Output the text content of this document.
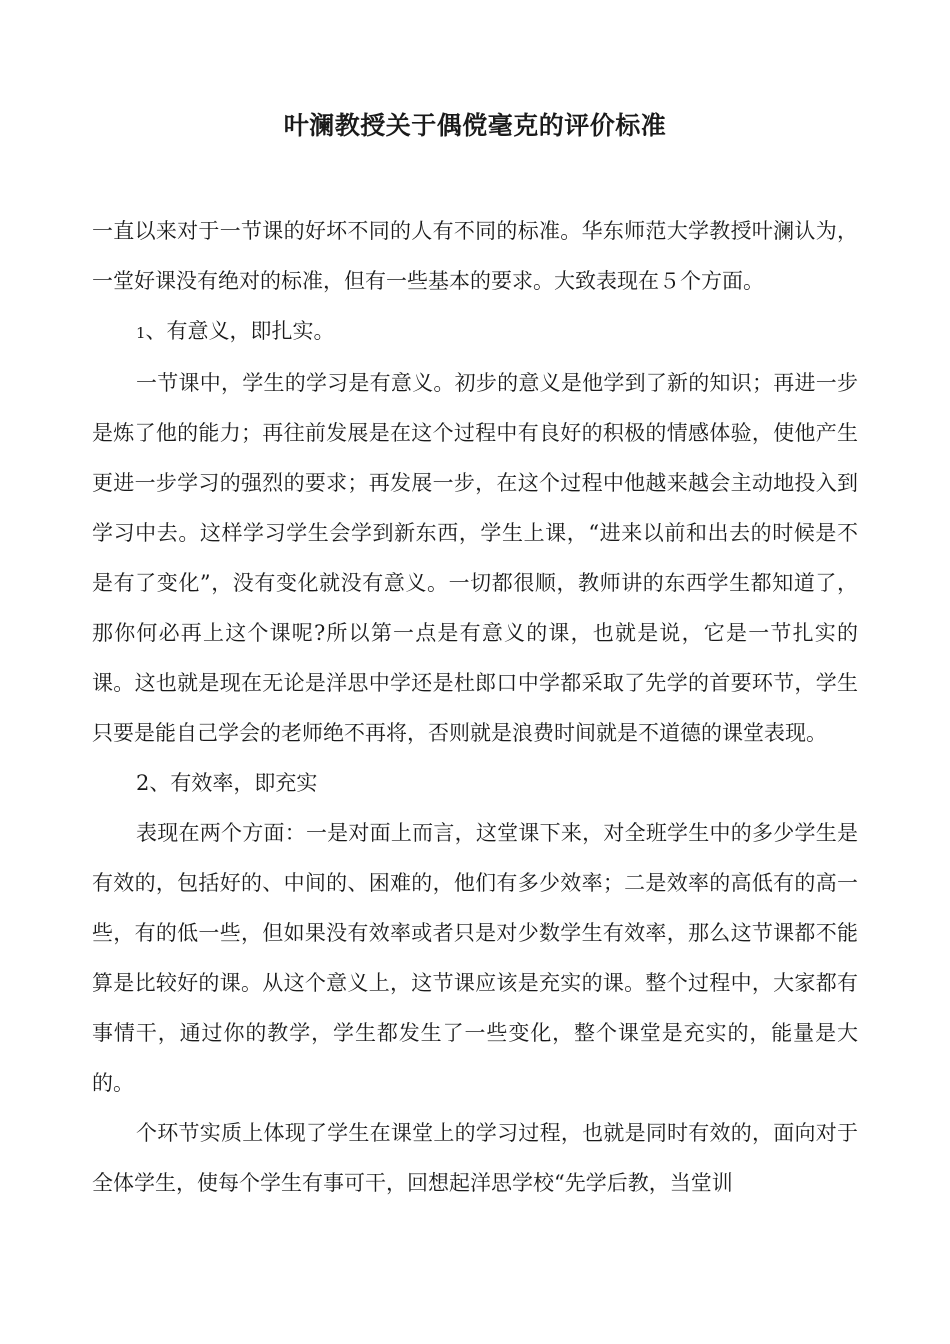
叶澜教授关于偶傥毫克的评价标准

一直以来对于一节课的好坏不同的人有不同的标准。华东师范大学教授叶澜认为，一堂好课没有绝对的标准，但有一些基本的要求。大致表现在５个方面。

1、有意义，即扎实。

一节课中，学生的学习是有意义。初步的意义是他学到了新的知识；再进一步是炼了他的能力；再往前发展是在这个过程中有良好的积极的情感体验，使他产生更进一步学习的强烈的要求；再发展一步，在这个过程中他越来越会主动地投入到学习中去。这样学习学生会学到新东西，学生上课，“进来以前和出去的时候是不是有了变化”，没有变化就没有意义。一切都很顺，教师讲的东西学生都知道了，那你何必再上这个课呢?所以第一点是有意义的课，也就是说，它是一节扎实的课。这也就是现在无论是洋思中学还是杜郎口中学都采取了先学的首要环节，学生只要是能自己学会的老师绝不再将，否则就是浪费时间就是不道德的课堂表现。

2、有效率，即充实

表现在两个方面：一是对面上而言，这堂课下来，对全班学生中的多少学生是有效的，包括好的、中间的、困难的，他们有多少效率；二是效率的高低有的高一些，有的低一些，但如果没有效率或者只是对少数学生有效率，那么这节课都不能算是比较好的课。从这个意义上，这节课应该是充实的课。整个过程中，大家都有事情干，通过你的教学，学生都发生了一些变化，整个课堂是充实的，能量是大的。

个环节实质上体现了学生在课堂上的学习过程，也就是同时有效的，面向对于全体学生，使每个学生有事可干，回想起洋思学校“先学后教，当堂训
